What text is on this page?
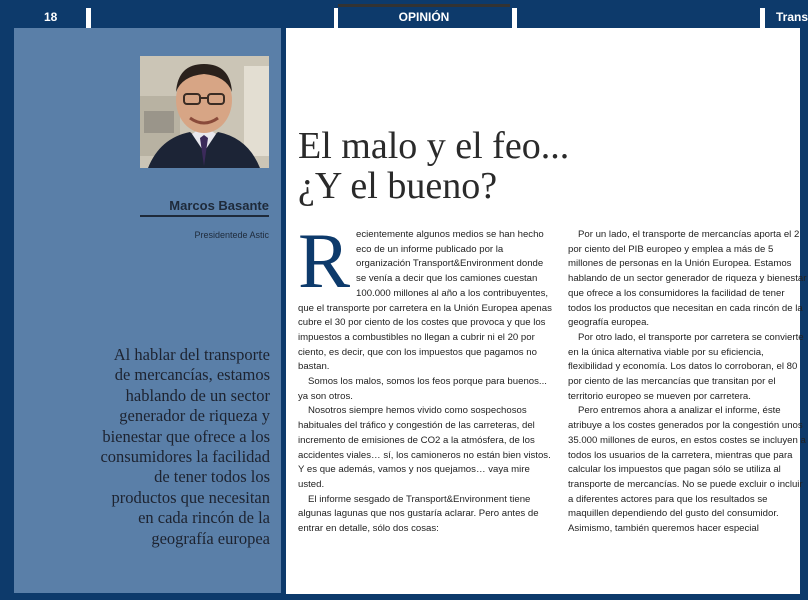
18	OPINIÓN	Trans
Marcos Basante
Presidentede Astic
Al hablar del transporte de mercancías, estamos hablando de un sector generador de riqueza y bienestar que ofrece a los consumidores la facilidad de tener todos los productos que necesitan en cada rincón de la geografía europea
El malo y el feo...
¿Y el bueno?

Recientemente algunos medios se han hecho eco de un informe publicado por la organización Transport&Environment donde se venía a decir que los camiones cuestan 100.000 millones al año a los contribuyentes, que el transporte por carretera en la Unión Europea apenas cubre el 30 por ciento de los costes que provoca y que los impuestos a combustibles no llegan a cubrir ni el 20 por ciento, es decir, que con los impuestos que pagamos no bastan.

Somos los malos, somos los feos porque para buenos... ya son otros.

Nosotros siempre hemos vivido como sospechosos habituales del tráfico y congestión de las carreteras, del incremento de emisiones de CO2 a la atmósfera, de los accidentes viales… sí, los camioneros no están bien vistos. Y es que además, vamos y nos quejamos… vaya mire usted.

El informe sesgado de Transport&Environment tiene algunas lagunas que nos gustaría aclarar. Pero antes de entrar en detalle, sólo dos cosas:

Por un lado, el transporte de mercancías aporta el 2 por ciento del PIB europeo y emplea a más de 5 millones de personas en la Unión Europea. Estamos hablando de un sector generador de riqueza y bienestar que ofrece a los consumidores la facilidad de tener todos los productos que necesitan en cada rincón de la geografía europea.

Por otro lado, el transporte por carretera se convierte en la única alternativa viable por su eficiencia, flexibilidad y economía. Los datos lo corroboran, el 80 por ciento de las mercancías que transitan por el territorio europeo se mueven por carretera.

Pero entremos ahora a analizar el informe, éste atribuye a los costes generados por la congestión unos 35.000 millones de euros, en estos costes se incluyen a todos los usuarios de la carretera, mientras que para calcular los impuestos que pagan sólo se utiliza al transporte de mercancías. No se puede excluir o incluir a diferentes actores para que los resultados se maquillen dependiendo del gusto del consumidor. Asimismo, también queremos hacer especial
